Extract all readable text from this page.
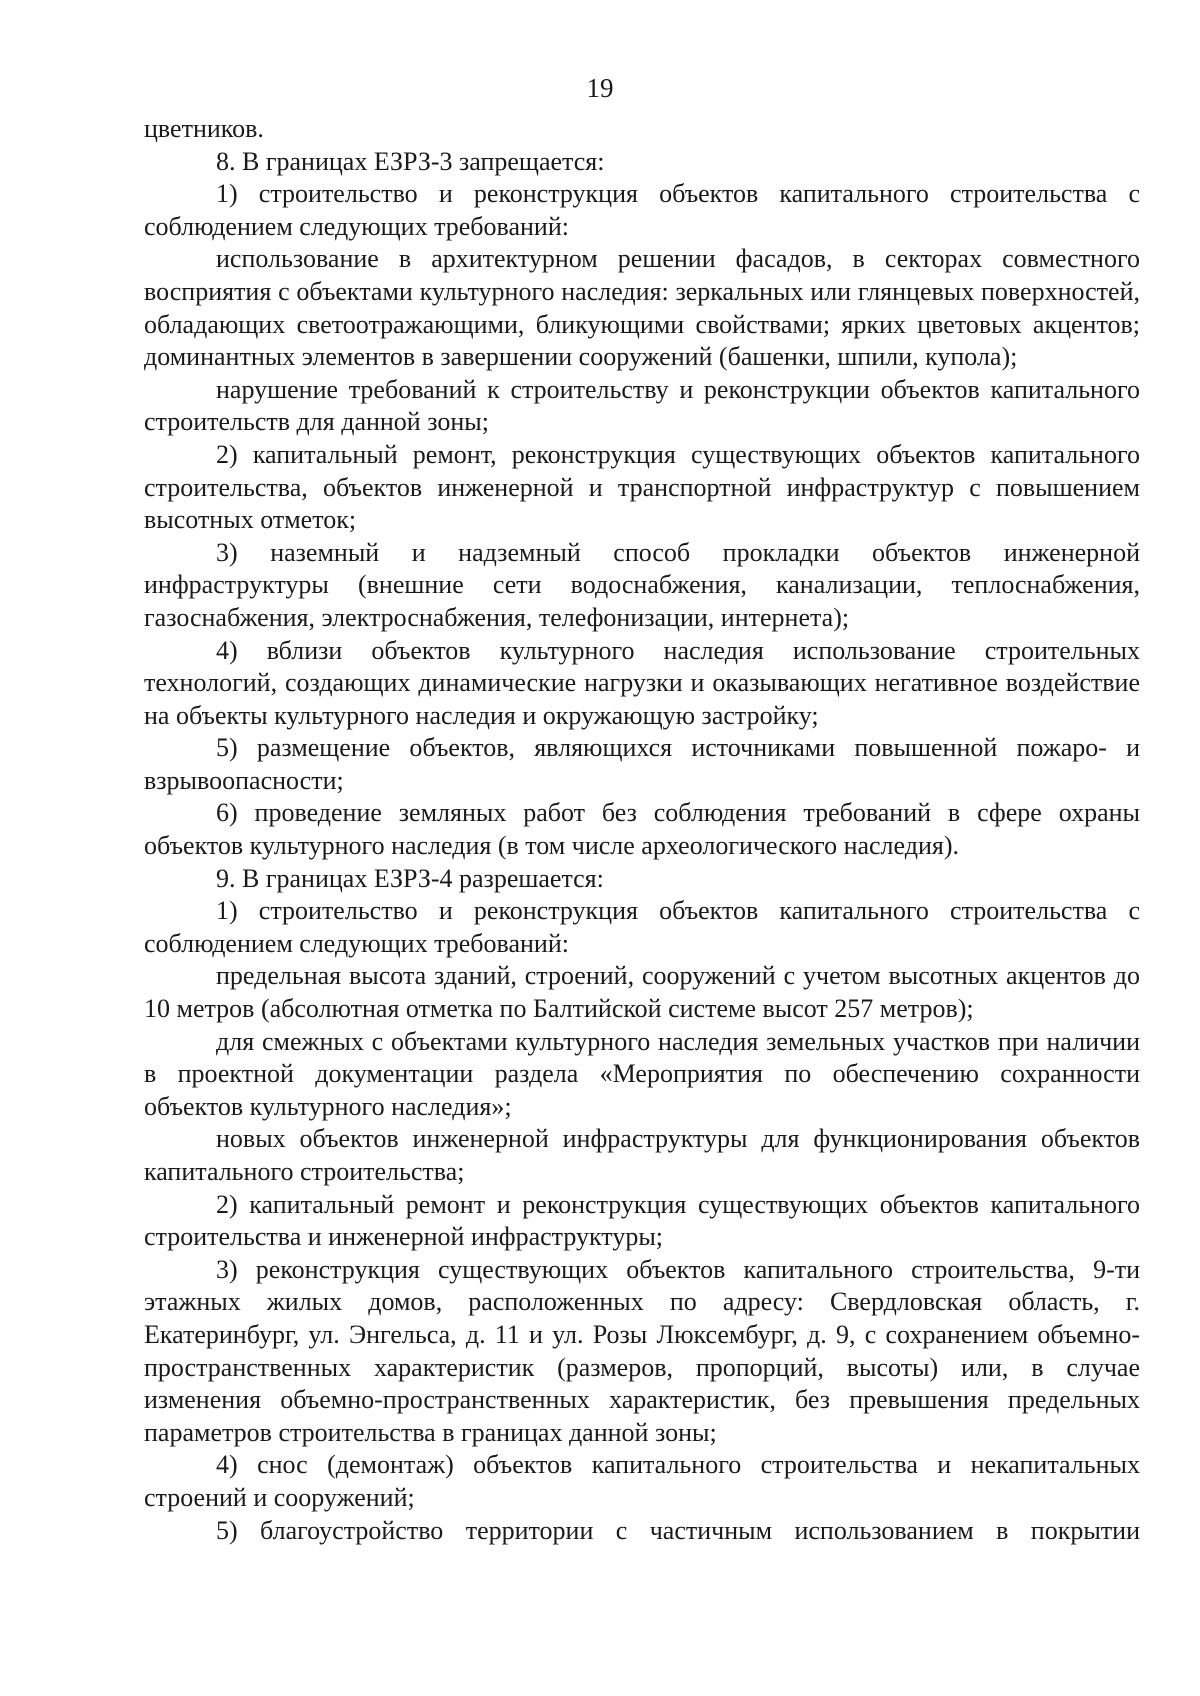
19

цветников.

8. В границах ЕЗРЗ-3 запрещается:

1) строительство и реконструкция объектов капитального строительства с соблюдением следующих требований:

использование в архитектурном решении фасадов, в секторах совместного восприятия с объектами культурного наследия: зеркальных или глянцевых поверхностей, обладающих светоотражающими, бликующими свойствами; ярких цветовых акцентов; доминантных элементов в завершении сооружений (башенки, шпили, купола);

нарушение требований к строительству и реконструкции объектов капитального строительств для данной зоны;

2) капитальный ремонт, реконструкция существующих объектов капитального строительства, объектов инженерной и транспортной инфраструктур с повышением высотных отметок;

3) наземный и надземный способ прокладки объектов инженерной инфраструктуры (внешние сети водоснабжения, канализации, теплоснабжения, газоснабжения, электроснабжения, телефонизации, интернета);

4) вблизи объектов культурного наследия использование строительных технологий, создающих динамические нагрузки и оказывающих негативное воздействие на объекты культурного наследия и окружающую застройку;

5) размещение объектов, являющихся источниками повышенной пожаро- и взрывоопасности;

6) проведение земляных работ без соблюдения требований в сфере охраны объектов культурного наследия (в том числе археологического наследия).

9. В границах ЕЗРЗ-4 разрешается:

1) строительство и реконструкция объектов капитального строительства с соблюдением следующих требований:

предельная высота зданий, строений, сооружений с учетом высотных акцентов до 10 метров (абсолютная отметка по Балтийской системе высот 257 метров);

для смежных с объектами культурного наследия земельных участков при наличии в проектной документации раздела «Мероприятия по обеспечению сохранности объектов культурного наследия»;

новых объектов инженерной инфраструктуры для функционирования объектов капитального строительства;

2) капитальный ремонт и реконструкция существующих объектов капитального строительства и инженерной инфраструктуры;

3) реконструкция существующих объектов капитального строительства, 9-ти этажных жилых домов, расположенных по адресу: Свердловская область, г. Екатеринбург, ул. Энгельса, д. 11 и ул. Розы Люксембург, д. 9, с сохранением объемно-пространственных характеристик (размеров, пропорций, высоты) или, в случае изменения объемно-пространственных характеристик, без превышения предельных параметров строительства в границах данной зоны;

4) снос (демонтаж) объектов капитального строительства и некапитальных строений и сооружений;

5) благоустройство территории с частичным использованием в покрытии
